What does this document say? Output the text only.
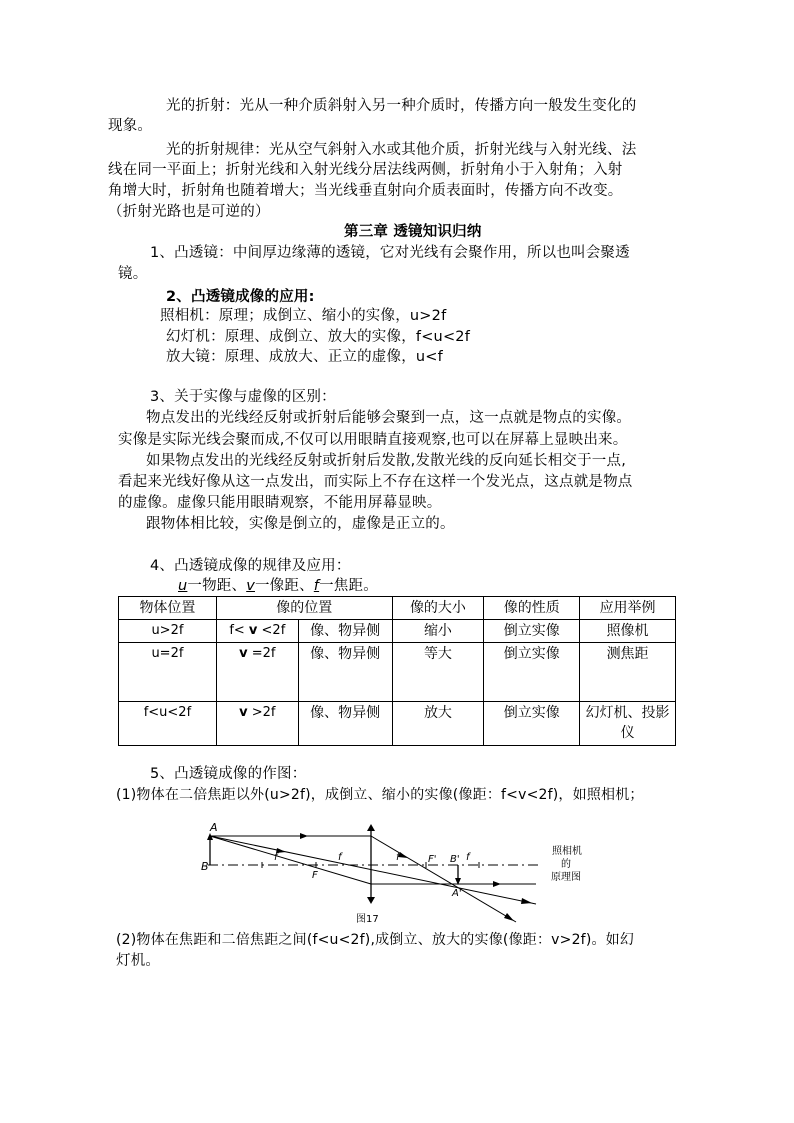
光的折射：光从一种介质斜射入另一种介质时，传播方向一般发生变化的
现象。
光的折射规律：光从空气斜射入水或其他介质，折射光线与入射光线、法
线在同一平面上；折射光线和入射光线分居法线两侧，折射角小于入射角；入射
角增大时，折射角也随着增大；当光线垂直射向介质表面时，传播方向不改变。
（折射光路也是可逆的）
第三章 透镜知识归纳
1、凸透镜：中间厚边缘薄的透镜，它对光线有会聚作用，所以也叫会聚透
镜。
2、凸透镜成像的应用:
照相机：原理；成倒立、缩小的实像，u>2f
幻灯机：原理、成倒立、放大的实像，f<u<2f
放大镜：原理、成放大、正立的虚像，u<f
3、关于实像与虚像的区别：
物点发出的光线经反射或折射后能够会聚到一点，这一点就是物点的实像。
实像是实际光线会聚而成,不仅可以用眼睛直接观察,也可以在屏幕上显映出来。
如果物点发出的光线经反射或折射后发散,发散光线的反向延长相交于一点,
看起来光线好像从这一点发出，而实际上不存在这样一个发光点，这点就是物点
的虚像。虚像只能用眼睛观察，不能用屏幕显映。
跟物体相比较，实像是倒立的，虚像是正立的。
4、凸透镜成像的规律及应用：
u一物距、v一像距、f一焦距。
物体位置	像的位置		像的大小	像的性质	应用举例
u>2f	f< v <2f	像、物异侧	缩小	倒立实像	照像机
u=2f	v =2f	像、物异侧	等大	倒立实像	测焦距
f<u<2f	v >2f	像、物异侧	放大	倒立实像	幻灯机、投影仪
5、凸透镜成像的作图：
(1)物体在二倍焦距以外(u>2f)，成倒立、缩小的实像(像距：f<v<2f)，如照相机；
A
B
f
F
f	f	F' B' f
A'
照相机
的
原理图
图17
(2)物体在焦距和二倍焦距之间(f<u<2f),成倒立、放大的实像(像距：v>2f)。如幻
灯机。
